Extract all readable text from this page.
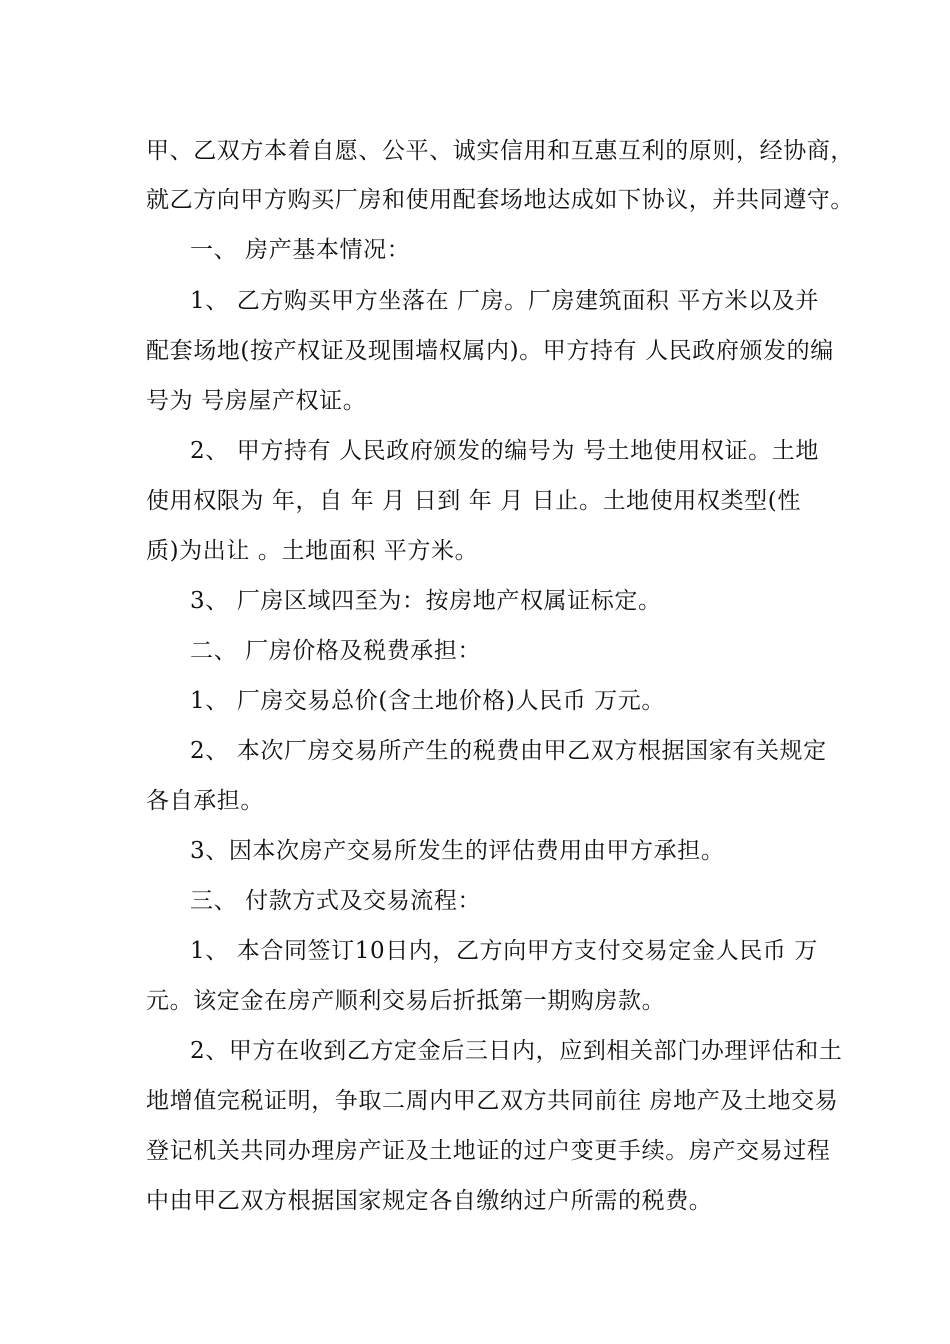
甲、乙双方本着自愿、公平、诚实信用和互惠互利的原则，经协商，
就乙方向甲方购买厂房和使用配套场地达成如下协议，并共同遵守。
一、 房产基本情况：
1、 乙方购买甲方坐落在 厂房。厂房建筑面积 平方米以及并
配套场地(按产权证及现围墙权属内)。甲方持有 人民政府颁发的编
号为 号房屋产权证。
2、 甲方持有 人民政府颁发的编号为 号土地使用权证。土地
使用权限为 年，自 年 月 日到 年 月 日止。土地使用权类型(性
质)为出让 。土地面积 平方米。
3、 厂房区域四至为：按房地产权属证标定。
二、 厂房价格及税费承担：
1、 厂房交易总价(含土地价格)人民币 万元。
2、 本次厂房交易所产生的税费由甲乙双方根据国家有关规定
各自承担。
3、因本次房产交易所发生的评估费用由甲方承担。
三、 付款方式及交易流程：
1、 本合同签订10日内，乙方向甲方支付交易定金人民币 万
元。该定金在房产顺利交易后折抵第一期购房款。
2、甲方在收到乙方定金后三日内，应到相关部门办理评估和土
地增值完税证明，争取二周内甲乙双方共同前往 房地产及土地交易
登记机关共同办理房产证及土地证的过户变更手续。房产交易过程
中由甲乙双方根据国家规定各自缴纳过户所需的税费。
